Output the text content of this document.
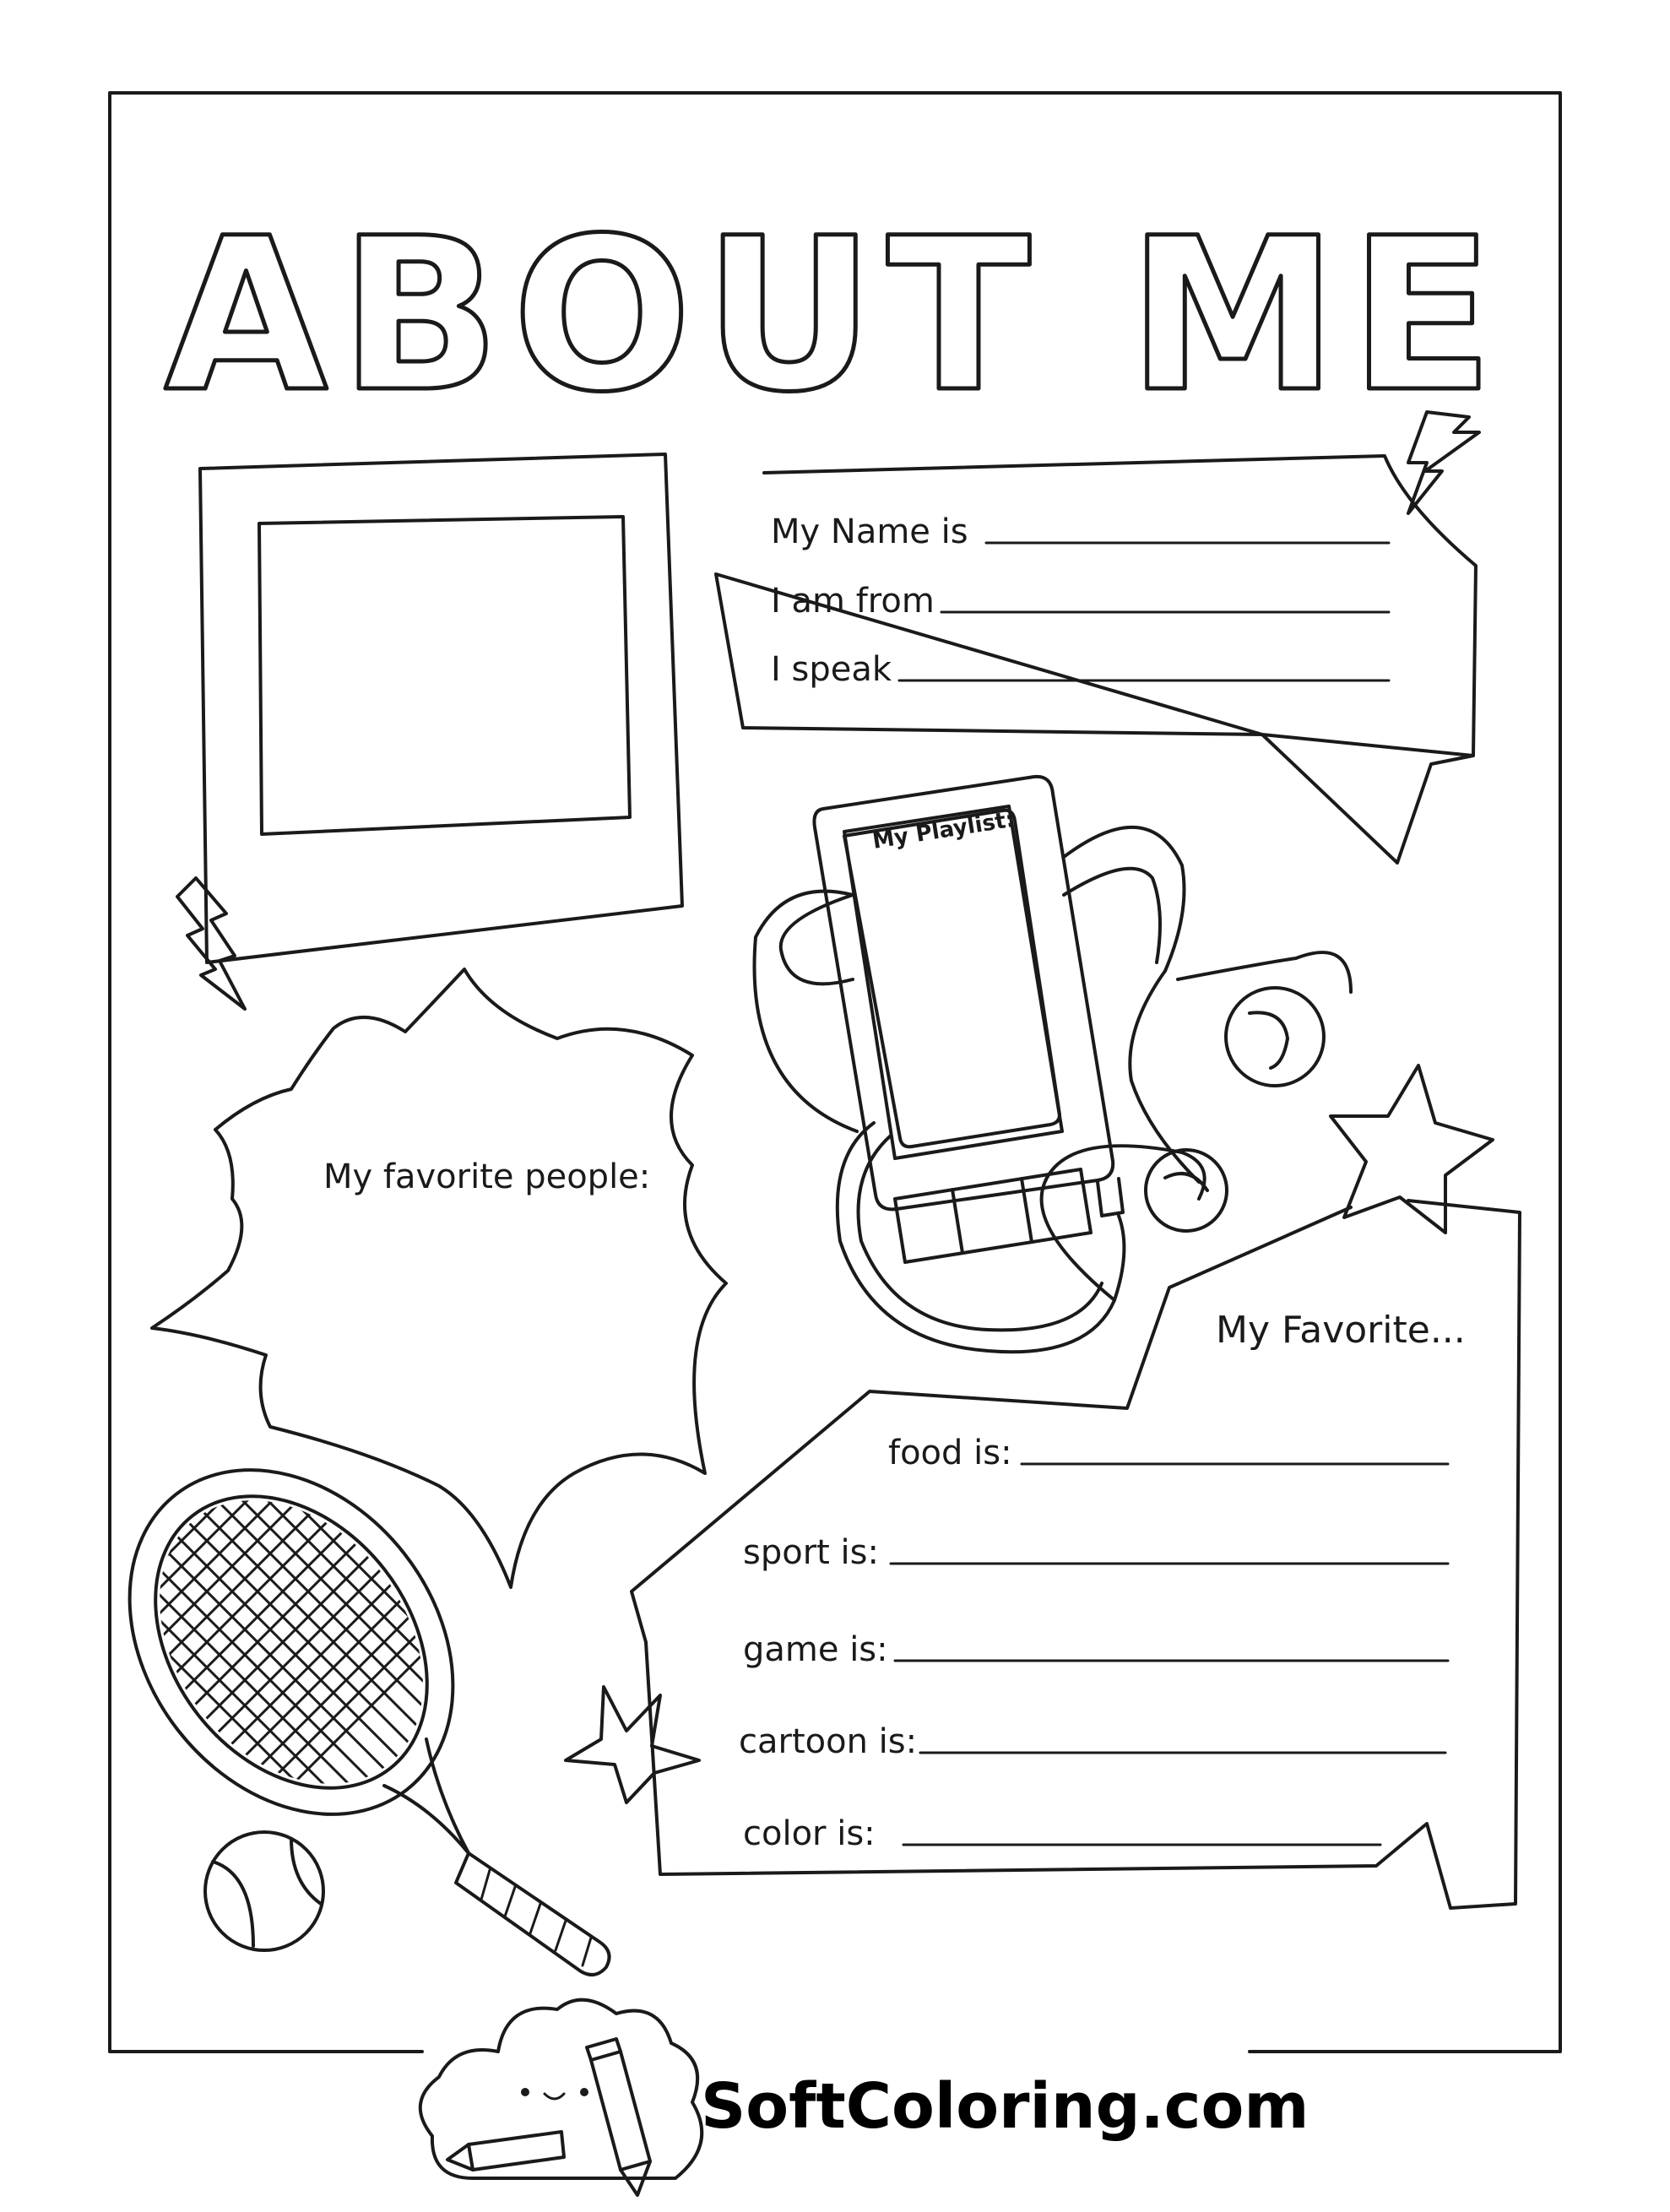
ABOUT ME
My Name is
I am from
I speak
My favorite people:
My Playlist:
My Favorite...
food is:
sport is:
game is:
cartoon is:
color is:
SoftColoring.com
